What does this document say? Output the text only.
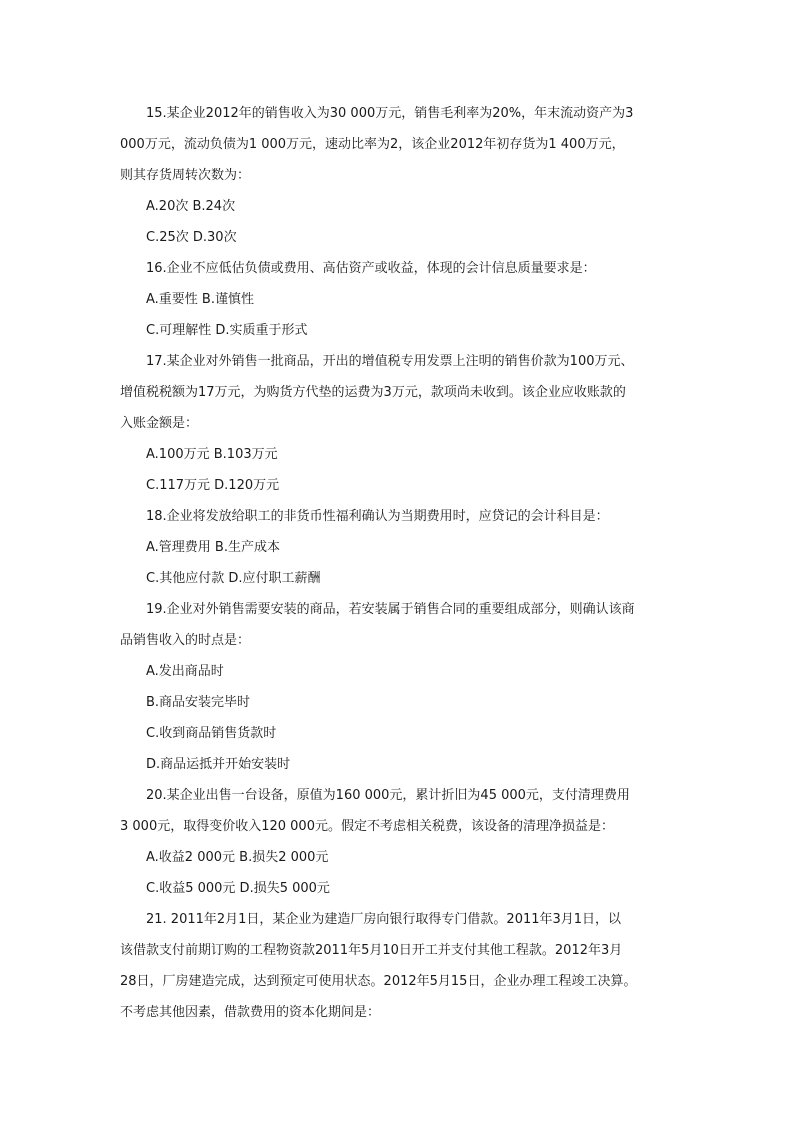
15.某企业2012年的销售收入为30 000万元，销售毛利率为20%，年末流动资产为3
000万元，流动负债为1 000万元，速动比率为2，该企业2012年初存货为1 400万元，
则其存货周转次数为：
A.20次 B.24次
C.25次 D.30次
16.企业不应低估负债或费用、高估资产或收益，体现的会计信息质量要求是：
A.重要性 B.谨慎性
C.可理解性 D.实质重于形式
17.某企业对外销售一批商品，开出的增值税专用发票上注明的销售价款为100万元、
增值税税额为17万元，为购货方代垫的运费为3万元，款项尚未收到。该企业应收账款的
入账金额是：
A.100万元 B.103万元
C.117万元 D.120万元
18.企业将发放给职工的非货币性福利确认为当期费用时，应贷记的会计科目是：
A.管理费用 B.生产成本
C.其他应付款 D.应付职工薪酬
19.企业对外销售需要安装的商品，若安装属于销售合同的重要组成部分，则确认该商
品销售收入的时点是：
A.发出商品时
B.商品安装完毕时
C.收到商品销售货款时
D.商品运抵并开始安装时
20.某企业出售一台设备，原值为160 000元，累计折旧为45 000元，支付清理费用
3 000元，取得变价收入120 000元。假定不考虑相关税费，该设备的清理净损益是：
A.收益2 000元 B.损失2 000元
C.收益5 000元 D.损失5 000元
21. 2011年2月1日，某企业为建造厂房向银行取得专门借款。2011年3月1日，以
该借款支付前期订购的工程物资款2011年5月10日开工并支付其他工程款。2012年3月
28日，厂房建造完成，达到预定可使用状态。2012年5月15日，企业办理工程竣工决算。
不考虑其他因素，借款费用的资本化期间是：
